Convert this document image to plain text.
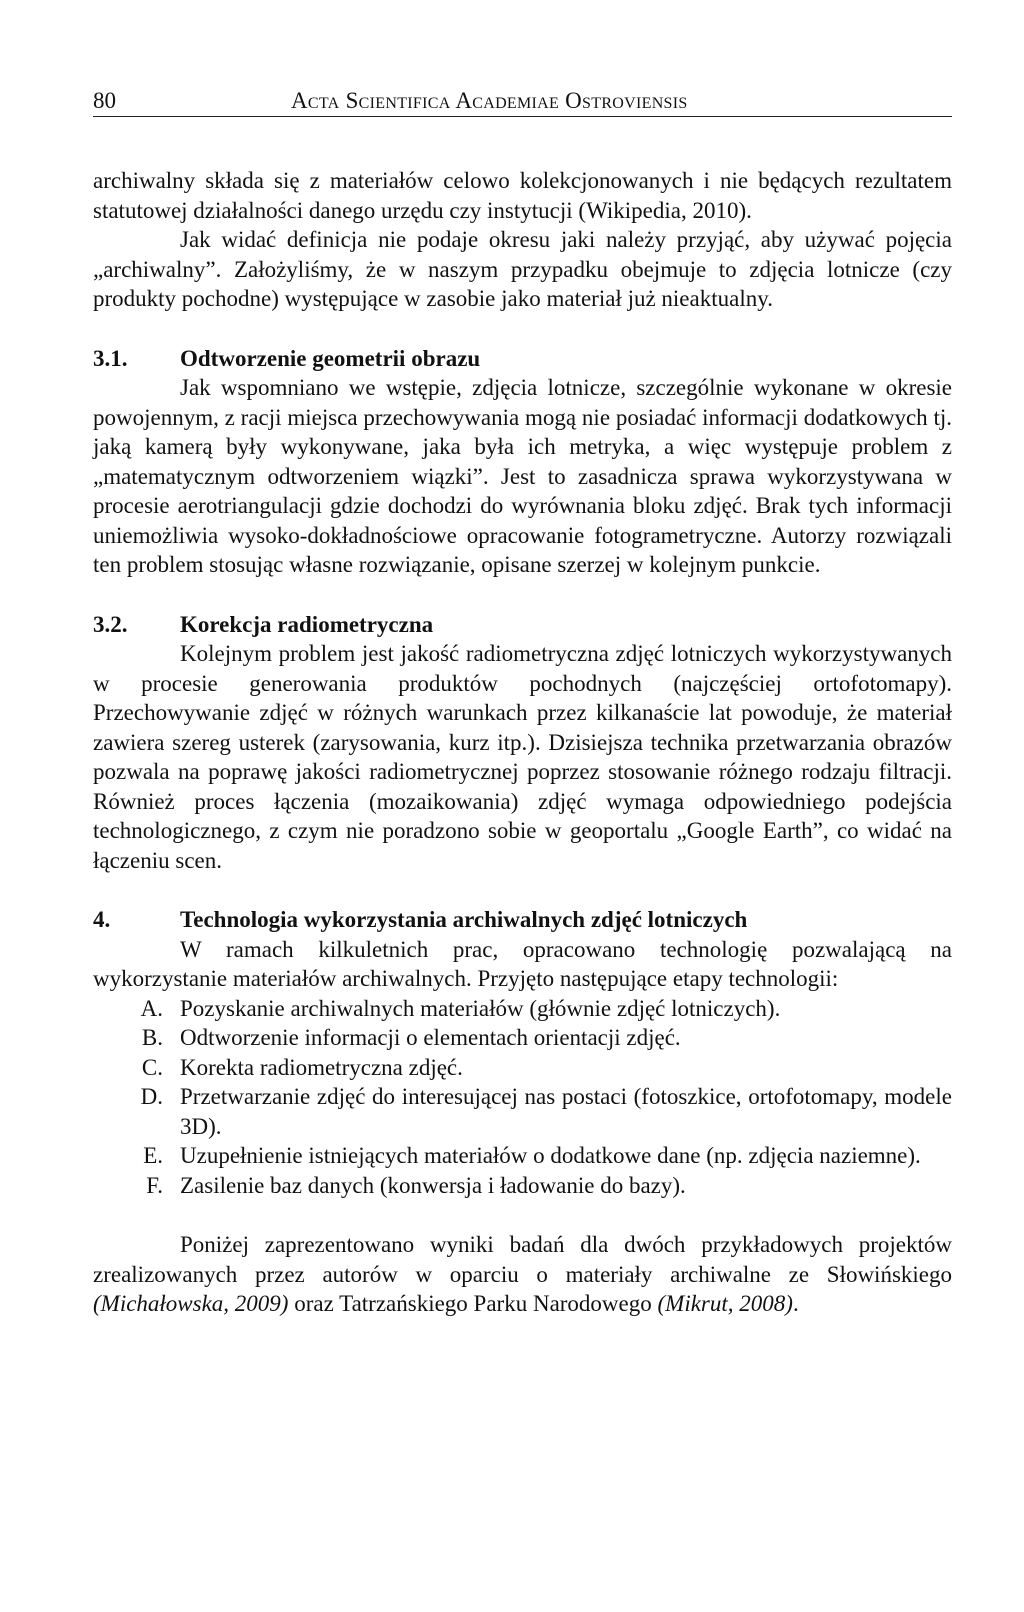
80	Acta Scientifica Academiae Ostroviensis

archiwalny składa się z materiałów celowo kolekcjonowanych i nie będących rezultatem statutowej działalności danego urzędu czy instytucji (Wikipedia, 2010).

Jak widać definicja nie podaje okresu jaki należy przyjąć, aby używać pojęcia „archiwalny”. Założyliśmy, że w naszym przypadku obejmuje to zdjęcia lotnicze (czy produkty pochodne) występujące w zasobie jako materiał już nieaktualny.

3.1.	Odtworzenie geometrii obrazu

Jak wspomniano we wstępie, zdjęcia lotnicze, szczególnie wykonane w okresie powojennym, z racji miejsca przechowywania mogą nie posiadać informacji dodatkowych tj. jaką kamerą były wykonywane, jaka była ich metryka, a więc występuje problem z „matematycznym odtworzeniem wiązki”. Jest to zasadnicza sprawa wykorzystywana w procesie aerotriangulacji gdzie dochodzi do wyrównania bloku zdjęć. Brak tych informacji uniemożliwia wysoko-dokładnościowe opracowanie fotogrametryczne. Autorzy rozwiązali ten problem stosując własne rozwiązanie, opisane szerzej w kolejnym punkcie.

3.2.	Korekcja radiometryczna

Kolejnym problem jest jakość radiometryczna zdjęć lotniczych wykorzystywanych w procesie generowania produktów pochodnych (najczęściej ortofotomapy). Przechowywanie zdjęć w różnych warunkach przez kilkanaście lat powoduje, że materiał zawiera szereg usterek (zarysowania, kurz itp.). Dzisiejsza technika przetwarzania obrazów pozwala na poprawę jakości radiometrycznej poprzez stosowanie różnego rodzaju filtracji. Również proces łączenia (mozaikowania) zdjęć wymaga odpowiedniego podejścia technologicznego, z czym nie poradzono sobie w geoportalu „Google Earth”, co widać na łączeniu scen.

4.	Technologia wykorzystania archiwalnych zdjęć lotniczych

W ramach kilkuletnich prac, opracowano technologię pozwalającą na wykorzystanie materiałów archiwalnych. Przyjęto następujące etapy technologii:

A. Pozyskanie archiwalnych materiałów (głównie zdjęć lotniczych).
B. Odtworzenie informacji o elementach orientacji zdjęć.
C. Korekta radiometryczna zdjęć.
D. Przetwarzanie zdjęć do interesującej nas postaci (fotoszkice, ortofotomapy, modele 3D).
E. Uzupełnienie istniejących materiałów o dodatkowe dane (np. zdjęcia naziemne).
F. Zasilenie baz danych (konwersja i ładowanie do bazy).

Poniżej zaprezentowano wyniki badań dla dwóch przykładowych projektów zrealizowanych przez autorów w oparciu o materiały archiwalne ze Słowińskiego (Michałowska, 2009) oraz Tatrzańskiego Parku Narodowego (Mikrut, 2008).
